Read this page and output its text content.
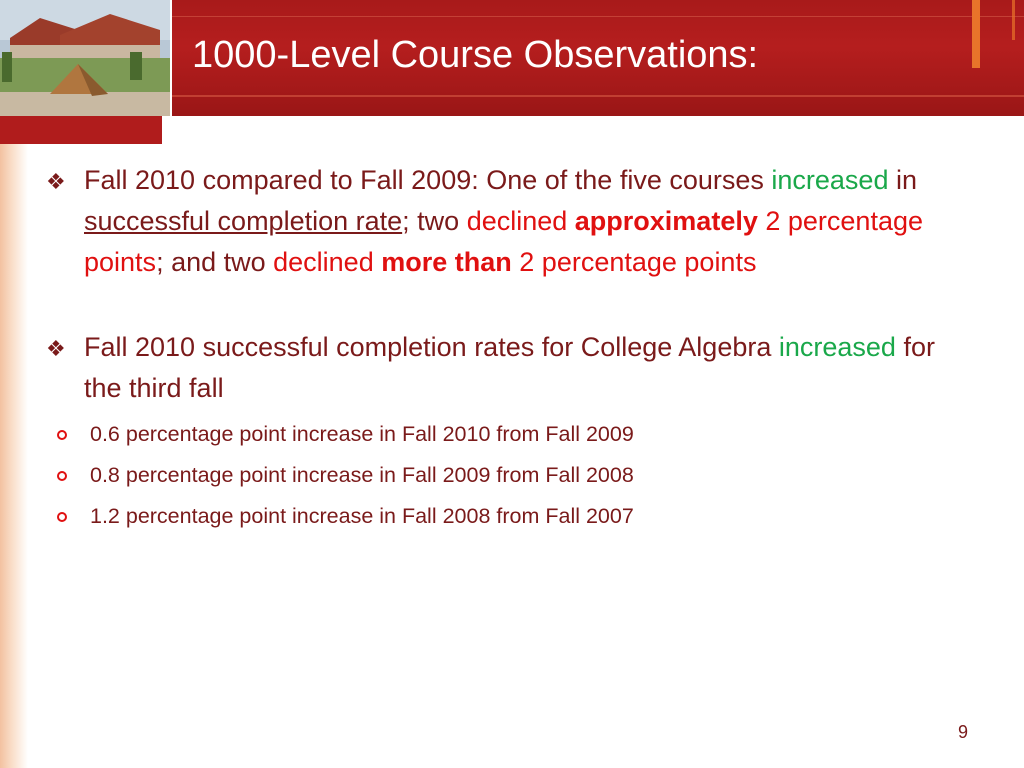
1000-Level Course Observations:
❖ Fall 2010 compared to Fall 2009: One of the five courses increased in successful completion rate; two declined approximately 2 percentage points; and two declined more than 2 percentage points
❖ Fall 2010 successful completion rates for College Algebra increased for the third fall
0.6 percentage point increase in Fall 2010 from Fall 2009
0.8 percentage point increase in Fall 2009 from Fall 2008
1.2 percentage point increase in Fall 2008 from Fall 2007
9
